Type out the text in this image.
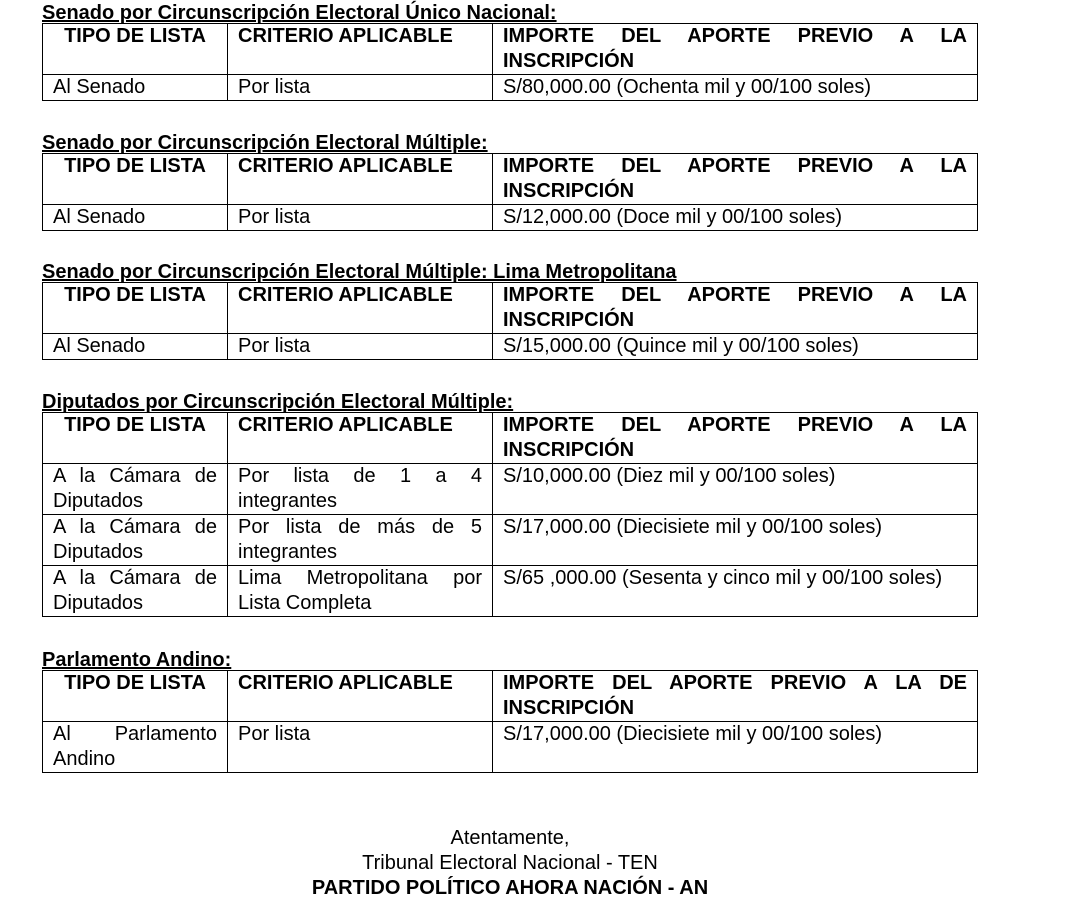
Senado por Circunscripción Electoral Único Nacional:

TIPO DE LISTA	CRITERIO APLICABLE	IMPORTE DEL APORTE PREVIO A LA INSCRIPCIÓN
Al Senado	Por lista	S/80,000.00 (Ochenta mil y 00/100 soles)

Senado por Circunscripción Electoral Múltiple:

TIPO DE LISTA	CRITERIO APLICABLE	IMPORTE DEL APORTE PREVIO A LA INSCRIPCIÓN
Al Senado	Por lista	S/12,000.00 (Doce mil y 00/100 soles)

Senado por Circunscripción Electoral Múltiple: Lima Metropolitana

TIPO DE LISTA	CRITERIO APLICABLE	IMPORTE DEL APORTE PREVIO A LA INSCRIPCIÓN
Al Senado	Por lista	S/15,000.00 (Quince mil y 00/100 soles)

Diputados por Circunscripción Electoral Múltiple:

TIPO DE LISTA	CRITERIO APLICABLE	IMPORTE DEL APORTE PREVIO A LA INSCRIPCIÓN
A la Cámara de Diputados	Por lista de 1 a 4 integrantes	S/10,000.00 (Diez mil y 00/100 soles)
A la Cámara de Diputados	Por lista de más de 5 integrantes	S/17,000.00 (Diecisiete mil y 00/100 soles)
A la Cámara de Diputados	Lima Metropolitana por Lista Completa	S/65 ,000.00 (Sesenta y cinco mil y 00/100 soles)

Parlamento Andino:

TIPO DE LISTA	CRITERIO APLICABLE	IMPORTE DEL APORTE PREVIO A LA DE INSCRIPCIÓN
Al Parlamento Andino	Por lista	S/17,000.00 (Diecisiete mil y 00/100 soles)
Atentamente,
Tribunal Electoral Nacional - TEN
PARTIDO POLÍTICO AHORA NACIÓN - AN
